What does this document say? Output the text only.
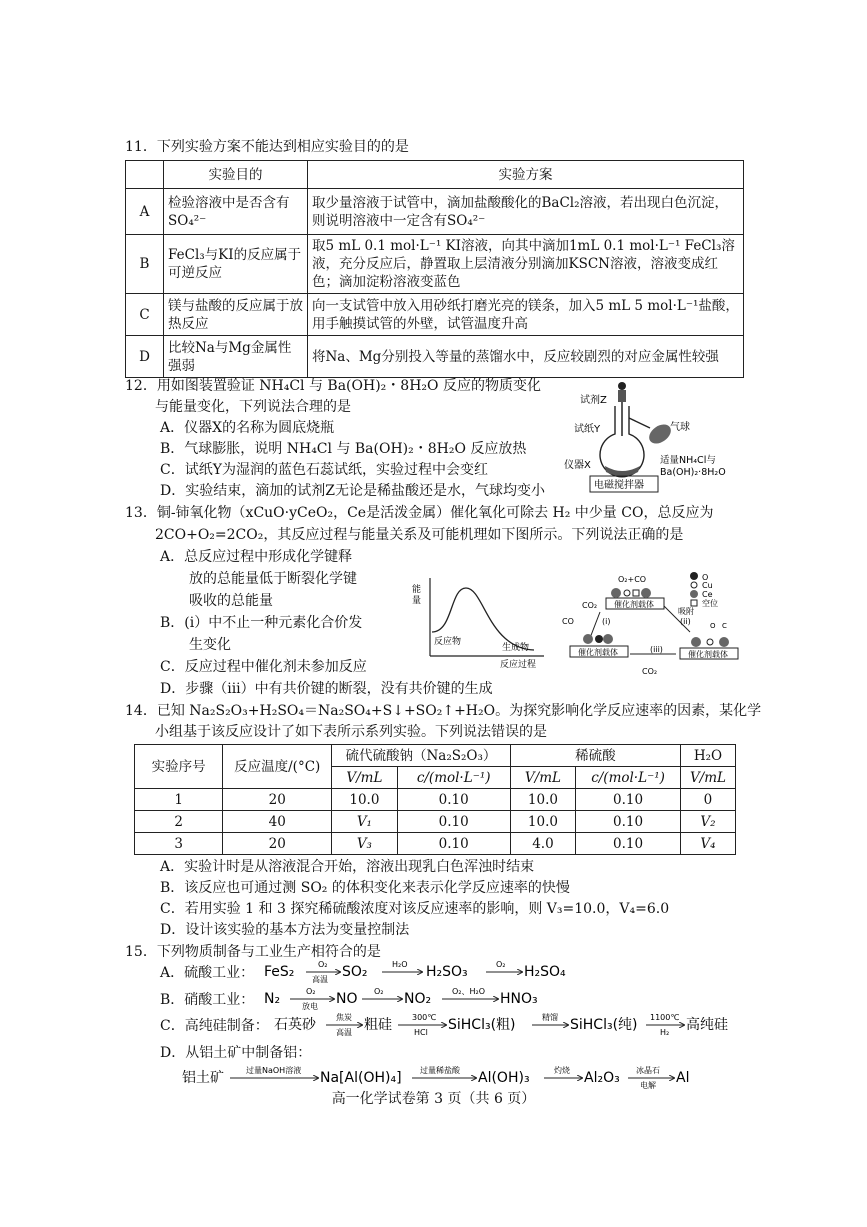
11．下列实验方案不能达到相应实验目的的是
	实验目的	实验方案
A	检验溶液中是否含有SO₄²⁻	取少量溶液于试管中，滴加盐酸酸化的BaCl₂溶液，若出现白色沉淀，则说明溶液中一定含有SO₄²⁻
B	FeCl₃与KI的反应属于可逆反应	取5 mL 0.1 mol·L⁻¹ KI溶液，向其中滴加1mL 0.1 mol·L⁻¹ FeCl₃溶液，充分反应后，静置取上层清液分别滴加KSCN溶液，溶液变成红色；滴加淀粉溶液变蓝色
C	镁与盐酸的反应属于放热反应	向一支试管中放入用砂纸打磨光亮的镁条，加入5 mL 5 mol·L⁻¹盐酸，用手触摸试管的外壁，试管温度升高
D	比较Na与Mg金属性强弱	将Na、Mg分别投入等量的蒸馏水中，反应较剧烈的对应金属性较强
12．用如图装置验证 NH₄Cl 与 Ba(OH)₂・8H₂O 反应的物质变化
与能量变化，下列说法合理的是
A．仪器X的名称为圆底烧瓶
B．气球膨胀，说明 NH₄Cl 与 Ba(OH)₂・8H₂O 反应放热
C．试纸Y为湿润的蓝色石蕊试纸，实验过程中会变红
D．实验结束，滴加的试剂Z无论是稀盐酸还是水，气球均变小
试剂Z
气球
试纸Y
仪器X	适量NH₄Cl与
Ba(OH)₂·8H₂O
电磁搅拌器
13．铜-铈氧化物（xCuO·yCeO₂，Ce是活泼金属）催化氧化可除去 H₂ 中少量 CO，总反应为
2CO+O₂=2CO₂，其反应过程与能量关系及可能机理如下图所示。下列说法正确的是
A．总反应过程中形成化学键释
放的总能量低于断裂化学键
吸收的总能量
B．(i）中不止一种元素化合价发
生变化
C．反应过程中催化剂未参加反应
D．步骤（iii）中有共价键的断裂，没有共价键的生成
能
量
反应物
生成物
反应过程
O₂+CO
催化剂载体
O
Cu
Ce
空位
CO₂
CO	(i)
吸附
(ii)
(iii)
CO₂
催化剂载体
O C
催化剂载体
14．已知 Na₂S₂O₃+H₂SO₄＝Na₂SO₄+S↓+SO₂↑+H₂O。为探究影响化学反应速率的因素，某化学
小组基于该反应设计了如下表所示系列实验。下列说法错误的是
实验序号	反应温度/(°C)	硫代硫酸钠（Na₂S₂O₃）		稀硫酸		H₂O
		V/mL	c/(mol·L⁻¹)	V/mL	c/(mol·L⁻¹)	V/mL
1	20	10.0	0.10	10.0	0.10	0
2	40	V₁	0.10	10.0	0.10	V₂
3	20	V₃	0.10	4.0	0.10	V₄
A．实验计时是从溶液混合开始，溶液出现乳白色浑浊时结束
B．该反应也可通过测 SO₂ 的体积变化来表示化学反应速率的快慢
C．若用实验 1 和 3 探究稀硫酸浓度对该反应速率的影响，则 V₃=10.0，V₄=6.0
D．设计该实验的基本方法为变量控制法
15．下列物质制备与工业生产相符合的是
A．硫酸工业：
B．硝酸工业：
C．高纯硅制备：
D．从铝土矿中制备铝：
FeS₂	O₂
高温 SO₂	H₂O H₂SO₃	O₂ H₂SO₄
N₂	O₂
放电 NO O₂ NO₂	O₂、H₂O HNO₃
石英砂	焦炭
高温 粗硅	300℃
HCl SiHCl₃(粗)	精馏 SiHCl₃(纯) 1100℃
H₂ 高纯硅
铝土矿	过量NaOH溶液 Na[Al(OH)₄] 过量稀盐酸 Al(OH)₃	灼烧 Al₂O₃ 冰晶石
电解 Al
高一化学试卷第 3 页（共 6 页）
